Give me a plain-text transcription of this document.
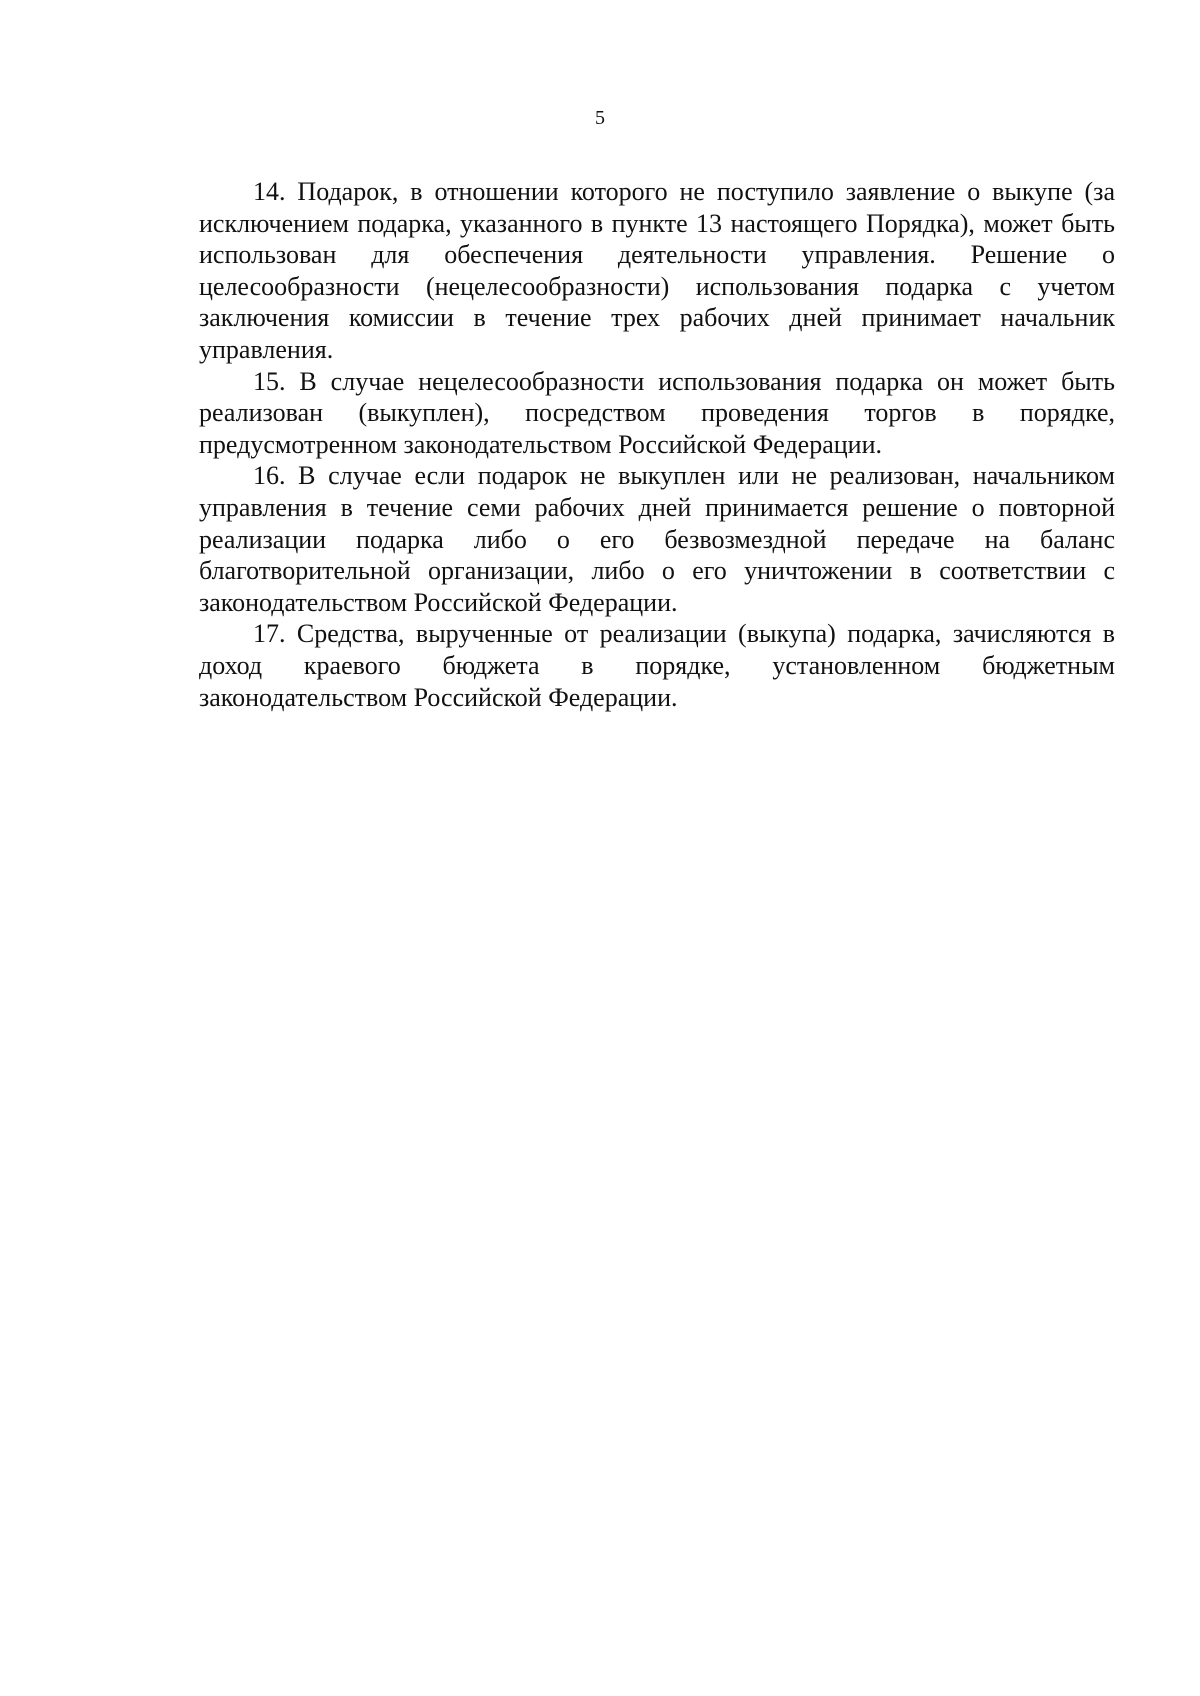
5

14. Подарок, в отношении которого не поступило заявление о выкупе (за исключением подарка, указанного в пункте 13 настоящего Порядка), может быть использован для обеспечения деятельности управления. Решение о целесообразности (нецелесообразности) использования подарка с учетом заключения комиссии в течение трех рабочих дней принимает начальник управления.

15. В случае нецелесообразности использования подарка он может быть реализован (выкуплен), посредством проведения торгов в порядке, предусмотренном законодательством Российской Федерации.

16. В случае если подарок не выкуплен или не реализован, начальником управления в течение семи рабочих дней принимается решение о повторной реализации подарка либо о его безвозмездной передаче на баланс благотворительной организации, либо о его уничтожении в соответствии с законодательством Российской Федерации.

17. Средства, вырученные от реализации (выкупа) подарка, зачисляются в доход краевого бюджета в порядке, установленном бюджетным законодательством Российской Федерации.
